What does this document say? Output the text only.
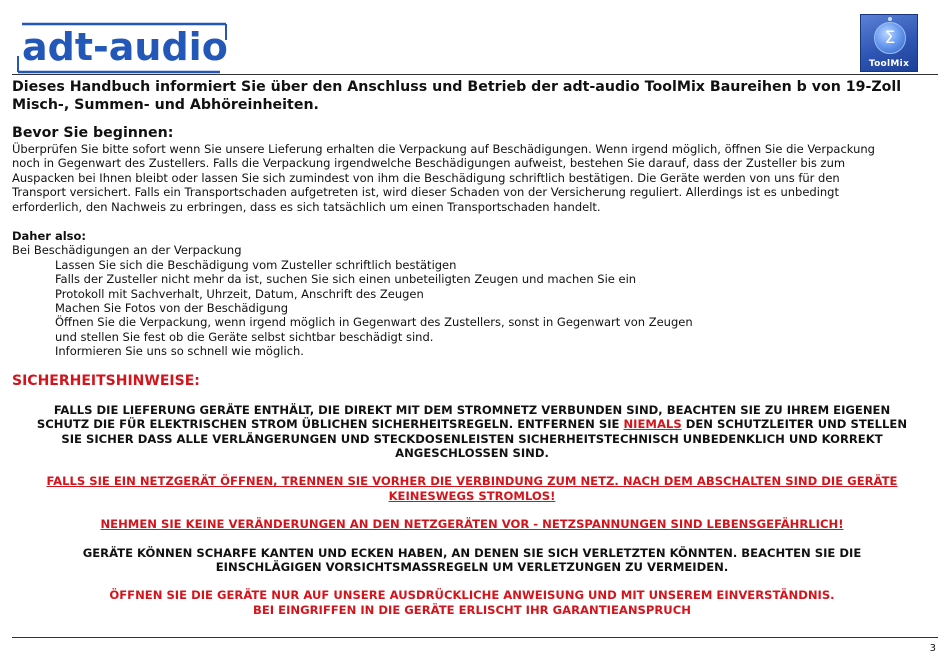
adt-audio	Σ
ToolMix

Dieses Handbuch informiert Sie über den Anschluss und Betrieb der adt-audio ToolMix Baureihen b von 19-Zoll
Misch-, Summen- und Abhöreinheiten.

Bevor Sie beginnen:

Überprüfen Sie bitte sofort wenn Sie unsere Lieferung erhalten die Verpackung auf Beschädigungen. Wenn irgend möglich, öffnen Sie die Verpackung
noch in Gegenwart des Zustellers. Falls die Verpackung irgendwelche Beschädigungen aufweist, bestehen Sie darauf, dass der Zusteller bis zum
Auspacken bei Ihnen bleibt oder lassen Sie sich zumindest von ihm die Beschädigung schriftlich bestätigen. Die Geräte werden von uns für den
Transport versichert. Falls ein Transportschaden aufgetreten ist, wird dieser Schaden von der Versicherung reguliert. Allerdings ist es unbedingt
erforderlich, den Nachweis zu erbringen, dass es sich tatsächlich um einen Transportschaden handelt.

Daher also:

Bei Beschädigungen an der Verpackung
Lassen Sie sich die Beschädigung vom Zusteller schriftlich bestätigen
Falls der Zusteller nicht mehr da ist, suchen Sie sich einen unbeteiligten Zeugen und machen Sie ein
Protokoll mit Sachverhalt, Uhrzeit, Datum, Anschrift des Zeugen
Machen Sie Fotos von der Beschädigung
Öffnen Sie die Verpackung, wenn irgend möglich in Gegenwart des Zustellers, sonst in Gegenwart von Zeugen
und stellen Sie fest ob die Geräte selbst sichtbar beschädigt sind.
Informieren Sie uns so schnell wie möglich.

SICHERHEITSHINWEISE:

FALLS DIE LIEFERUNG GERÄTE ENTHÄLT, DIE DIREKT MIT DEM STROMNETZ VERBUNDEN SIND, BEACHTEN SIE ZU IHREM EIGENEN
SCHUTZ DIE FÜR ELEKTRISCHEN STROM ÜBLICHEN SICHERHEITSREGELN. ENTFERNEN SIE NIEMALS DEN SCHUTZLEITER UND STELLEN
SIE SICHER DASS ALLE VERLÄNGERUNGEN UND STECKDOSENLEISTEN SICHERHEITSTECHNISCH UNBEDENKLICH UND KORREKT
ANGESCHLOSSEN SIND.

FALLS SIE EIN NETZGERÄT ÖFFNEN, TRENNEN SIE VORHER DIE VERBINDUNG ZUM NETZ. NACH DEM ABSCHALTEN SIND DIE GERÄTE
KEINESWEGS STROMLOS!

NEHMEN SIE KEINE VERÄNDERUNGEN AN DEN NETZGERÄTEN VOR - NETZSPANNUNGEN SIND LEBENSGEFÄHRLICH!

GERÄTE KÖNNEN SCHARFE KANTEN UND ECKEN HABEN, AN DENEN SIE SICH VERLETZTEN KÖNNTEN. BEACHTEN SIE DIE
EINSCHLÄGIGEN VORSICHTSMASSREGELN UM VERLETZUNGEN ZU VERMEIDEN.

ÖFFNEN SIE DIE GERÄTE NUR AUF UNSERE AUSDRÜCKLICHE ANWEISUNG UND MIT UNSEREM EINVERSTÄNDNIS.
BEI EINGRIFFEN IN DIE GERÄTE ERLISCHT IHR GARANTIEANSPRUCH

3
